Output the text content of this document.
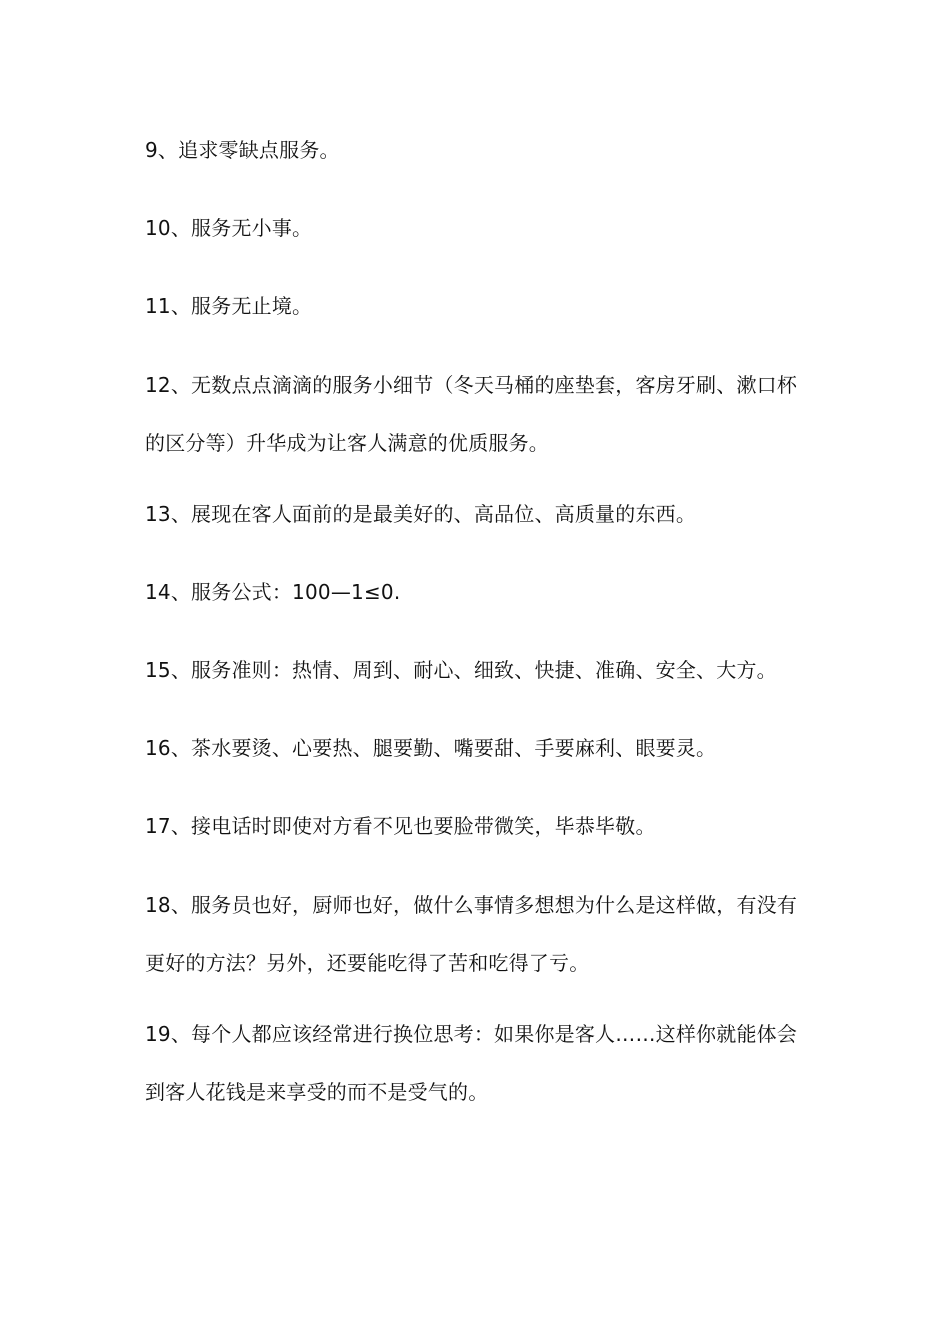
9、追求零缺点服务。

10、服务无小事。

11、服务无止境。

12、无数点点滴滴的服务小细节（冬天马桶的座垫套，客房牙刷、漱口杯的区分等）升华成为让客人满意的优质服务。

13、展现在客人面前的是最美好的、高品位、高质量的东西。

14、服务公式：100—1≤0.

15、服务准则：热情、周到、耐心、细致、快捷、准确、安全、大方。

16、茶水要烫、心要热、腿要勤、嘴要甜、手要麻利、眼要灵。

17、接电话时即使对方看不见也要脸带微笑，毕恭毕敬。

18、服务员也好，厨师也好，做什么事情多想想为什么是这样做，有没有更好的方法？另外，还要能吃得了苦和吃得了亏。

19、每个人都应该经常进行换位思考：如果你是客人……这样你就能体会到客人花钱是来享受的而不是受气的。
